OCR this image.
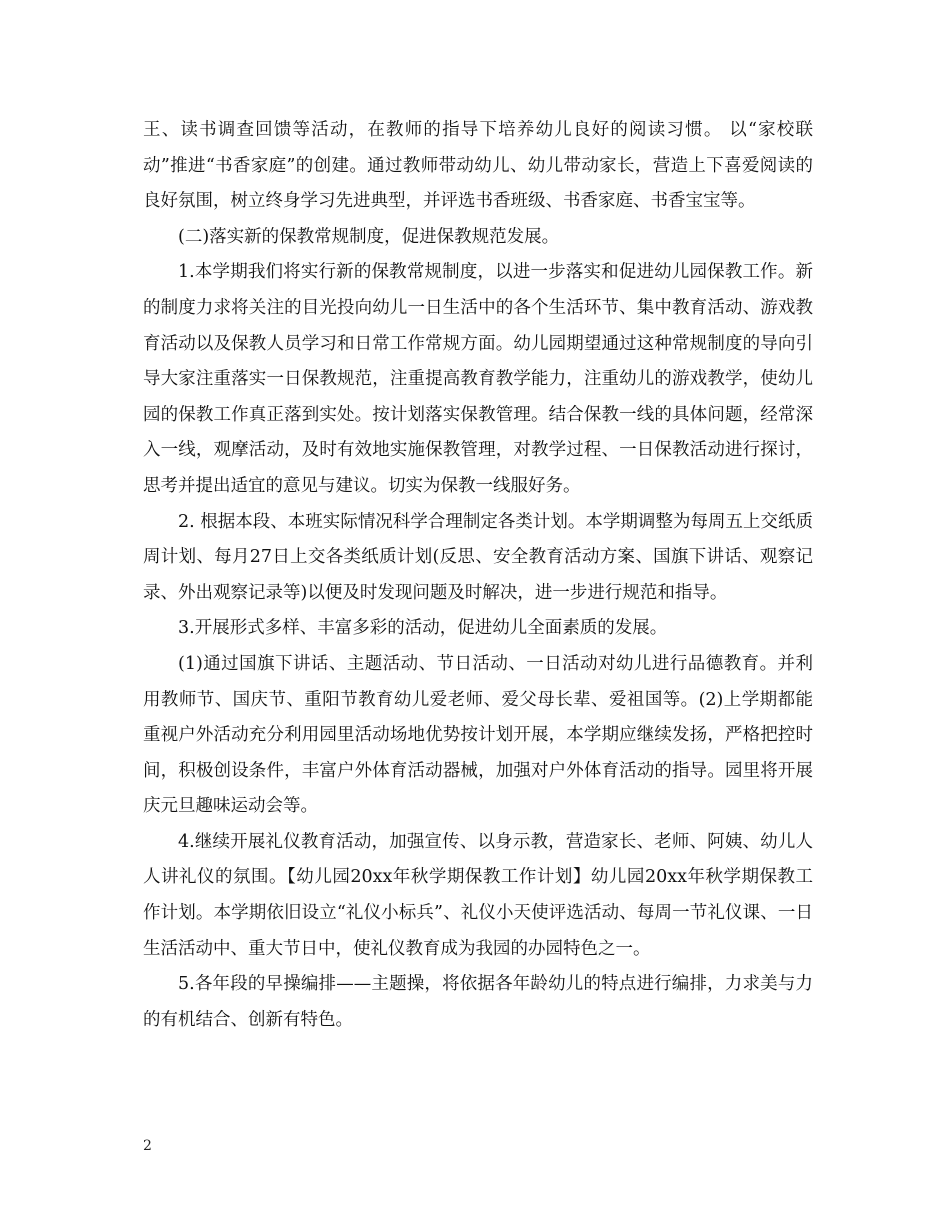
王、读书调查回馈等活动，在教师的指导下培养幼儿良好的阅读习惯。 以“家校联动”推进“书香家庭”的创建。通过教师带动幼儿、幼儿带动家长，营造上下喜爱阅读的良好氛围，树立终身学习先进典型，并评选书香班级、书香家庭、书香宝宝等。

(二)落实新的保教常规制度，促进保教规范发展。

1.本学期我们将实行新的保教常规制度，以进一步落实和促进幼儿园保教工作。新的制度力求将关注的目光投向幼儿一日生活中的各个生活环节、集中教育活动、游戏教育活动以及保教人员学习和日常工作常规方面。幼儿园期望通过这种常规制度的导向引导大家注重落实一日保教规范，注重提高教育教学能力，注重幼儿的游戏教学，使幼儿园的保教工作真正落到实处。按计划落实保教管理。结合保教一线的具体问题，经常深入一线，观摩活动，及时有效地实施保教管理，对教学过程、一日保教活动进行探讨，思考并提出适宜的意见与建议。切实为保教一线服好务。

2. 根据本段、本班实际情况科学合理制定各类计划。本学期调整为每周五上交纸质周计划、每月27日上交各类纸质计划(反思、安全教育活动方案、国旗下讲话、观察记录、外出观察记录等)以便及时发现问题及时解决，进一步进行规范和指导。

3.开展形式多样、丰富多彩的活动，促进幼儿全面素质的发展。

(1)通过国旗下讲话、主题活动、节日活动、一日活动对幼儿进行品德教育。并利用教师节、国庆节、重阳节教育幼儿爱老师、爱父母长辈、爱祖国等。(2)上学期都能重视户外活动充分利用园里活动场地优势按计划开展，本学期应继续发扬，严格把控时间，积极创设条件，丰富户外体育活动器械，加强对户外体育活动的指导。园里将开展庆元旦趣味运动会等。

4.继续开展礼仪教育活动，加强宣传、以身示教，营造家长、老师、阿姨、幼儿人人讲礼仪的氛围。【幼儿园20xx年秋学期保教工作计划】幼儿园20xx年秋学期保教工作计划。本学期依旧设立“礼仪小标兵”、礼仪小天使评选活动、每周一节礼仪课、一日生活活动中、重大节日中，使礼仪教育成为我园的办园特色之一。

5.各年段的早操编排——主题操，将依据各年龄幼儿的特点进行编排，力求美与力的有机结合、创新有特色。

2
